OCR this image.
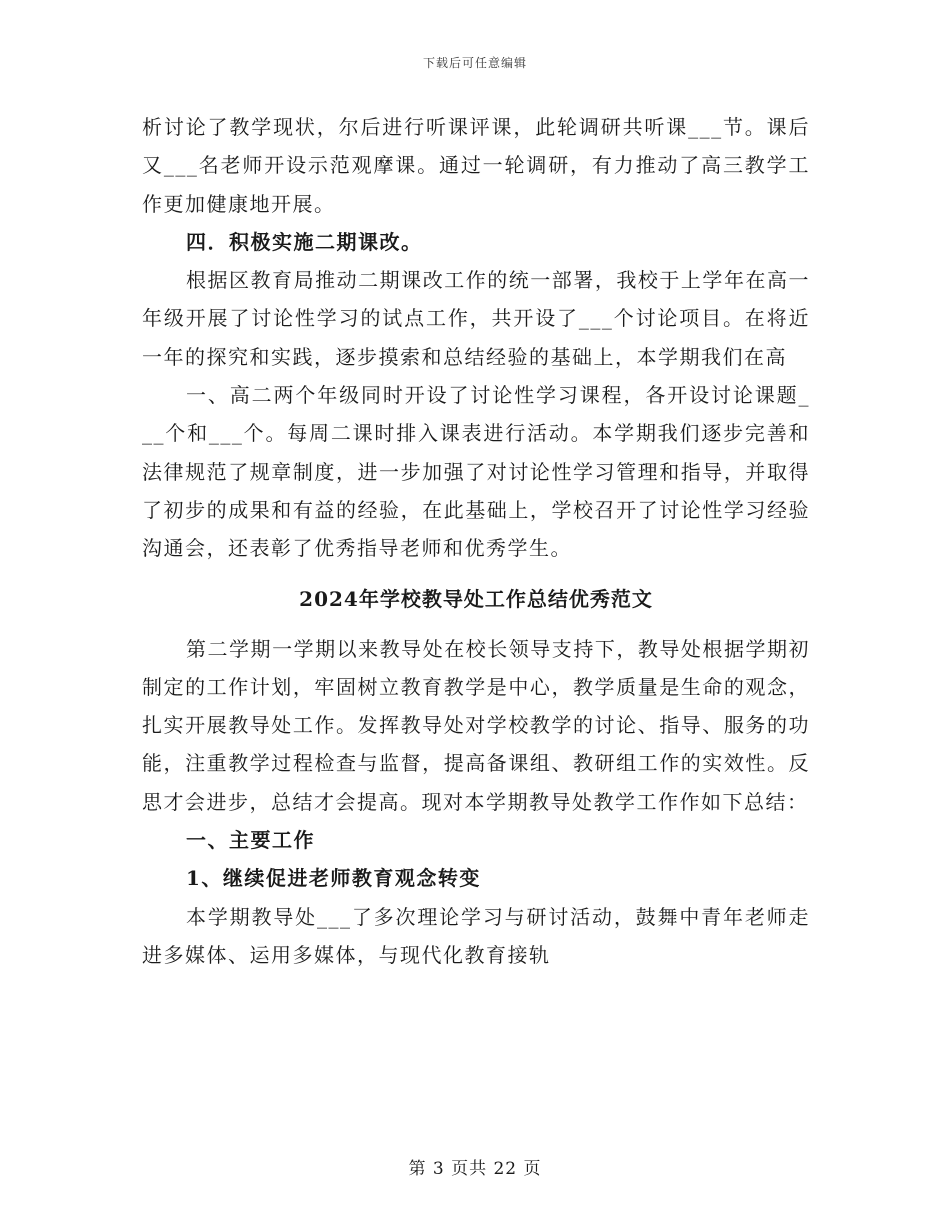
下载后可任意编辑

析讨论了教学现状，尔后进行听课评课，此轮调研共听课___节。课后又___名老师开设示范观摩课。通过一轮调研，有力推动了高三教学工作更加健康地开展。

四．积极实施二期课改。

根据区教育局推动二期课改工作的统一部署，我校于上学年在高一年级开展了讨论性学习的试点工作，共开设了___个讨论项目。在将近一年的探究和实践，逐步摸索和总结经验的基础上，本学期我们在高

一、高二两个年级同时开设了讨论性学习课程，各开设讨论课题___个和___个。每周二课时排入课表进行活动。本学期我们逐步完善和法律规范了规章制度，进一步加强了对讨论性学习管理和指导，并取得了初步的成果和有益的经验，在此基础上，学校召开了讨论性学习经验沟通会，还表彰了优秀指导老师和优秀学生。

2024年学校教导处工作总结优秀范文

第二学期一学期以来教导处在校长领导支持下，教导处根据学期初制定的工作计划，牢固树立教育教学是中心，教学质量是生命的观念，扎实开展教导处工作。发挥教导处对学校教学的讨论、指导、服务的功能，注重教学过程检查与监督，提高备课组、教研组工作的实效性。反思才会进步，总结才会提高。现对本学期教导处教学工作作如下总结：

一、主要工作

1、继续促进老师教育观念转变

本学期教导处___了多次理论学习与研讨活动，鼓舞中青年老师走进多媒体、运用多媒体，与现代化教育接轨

第 3 页共 22 页
